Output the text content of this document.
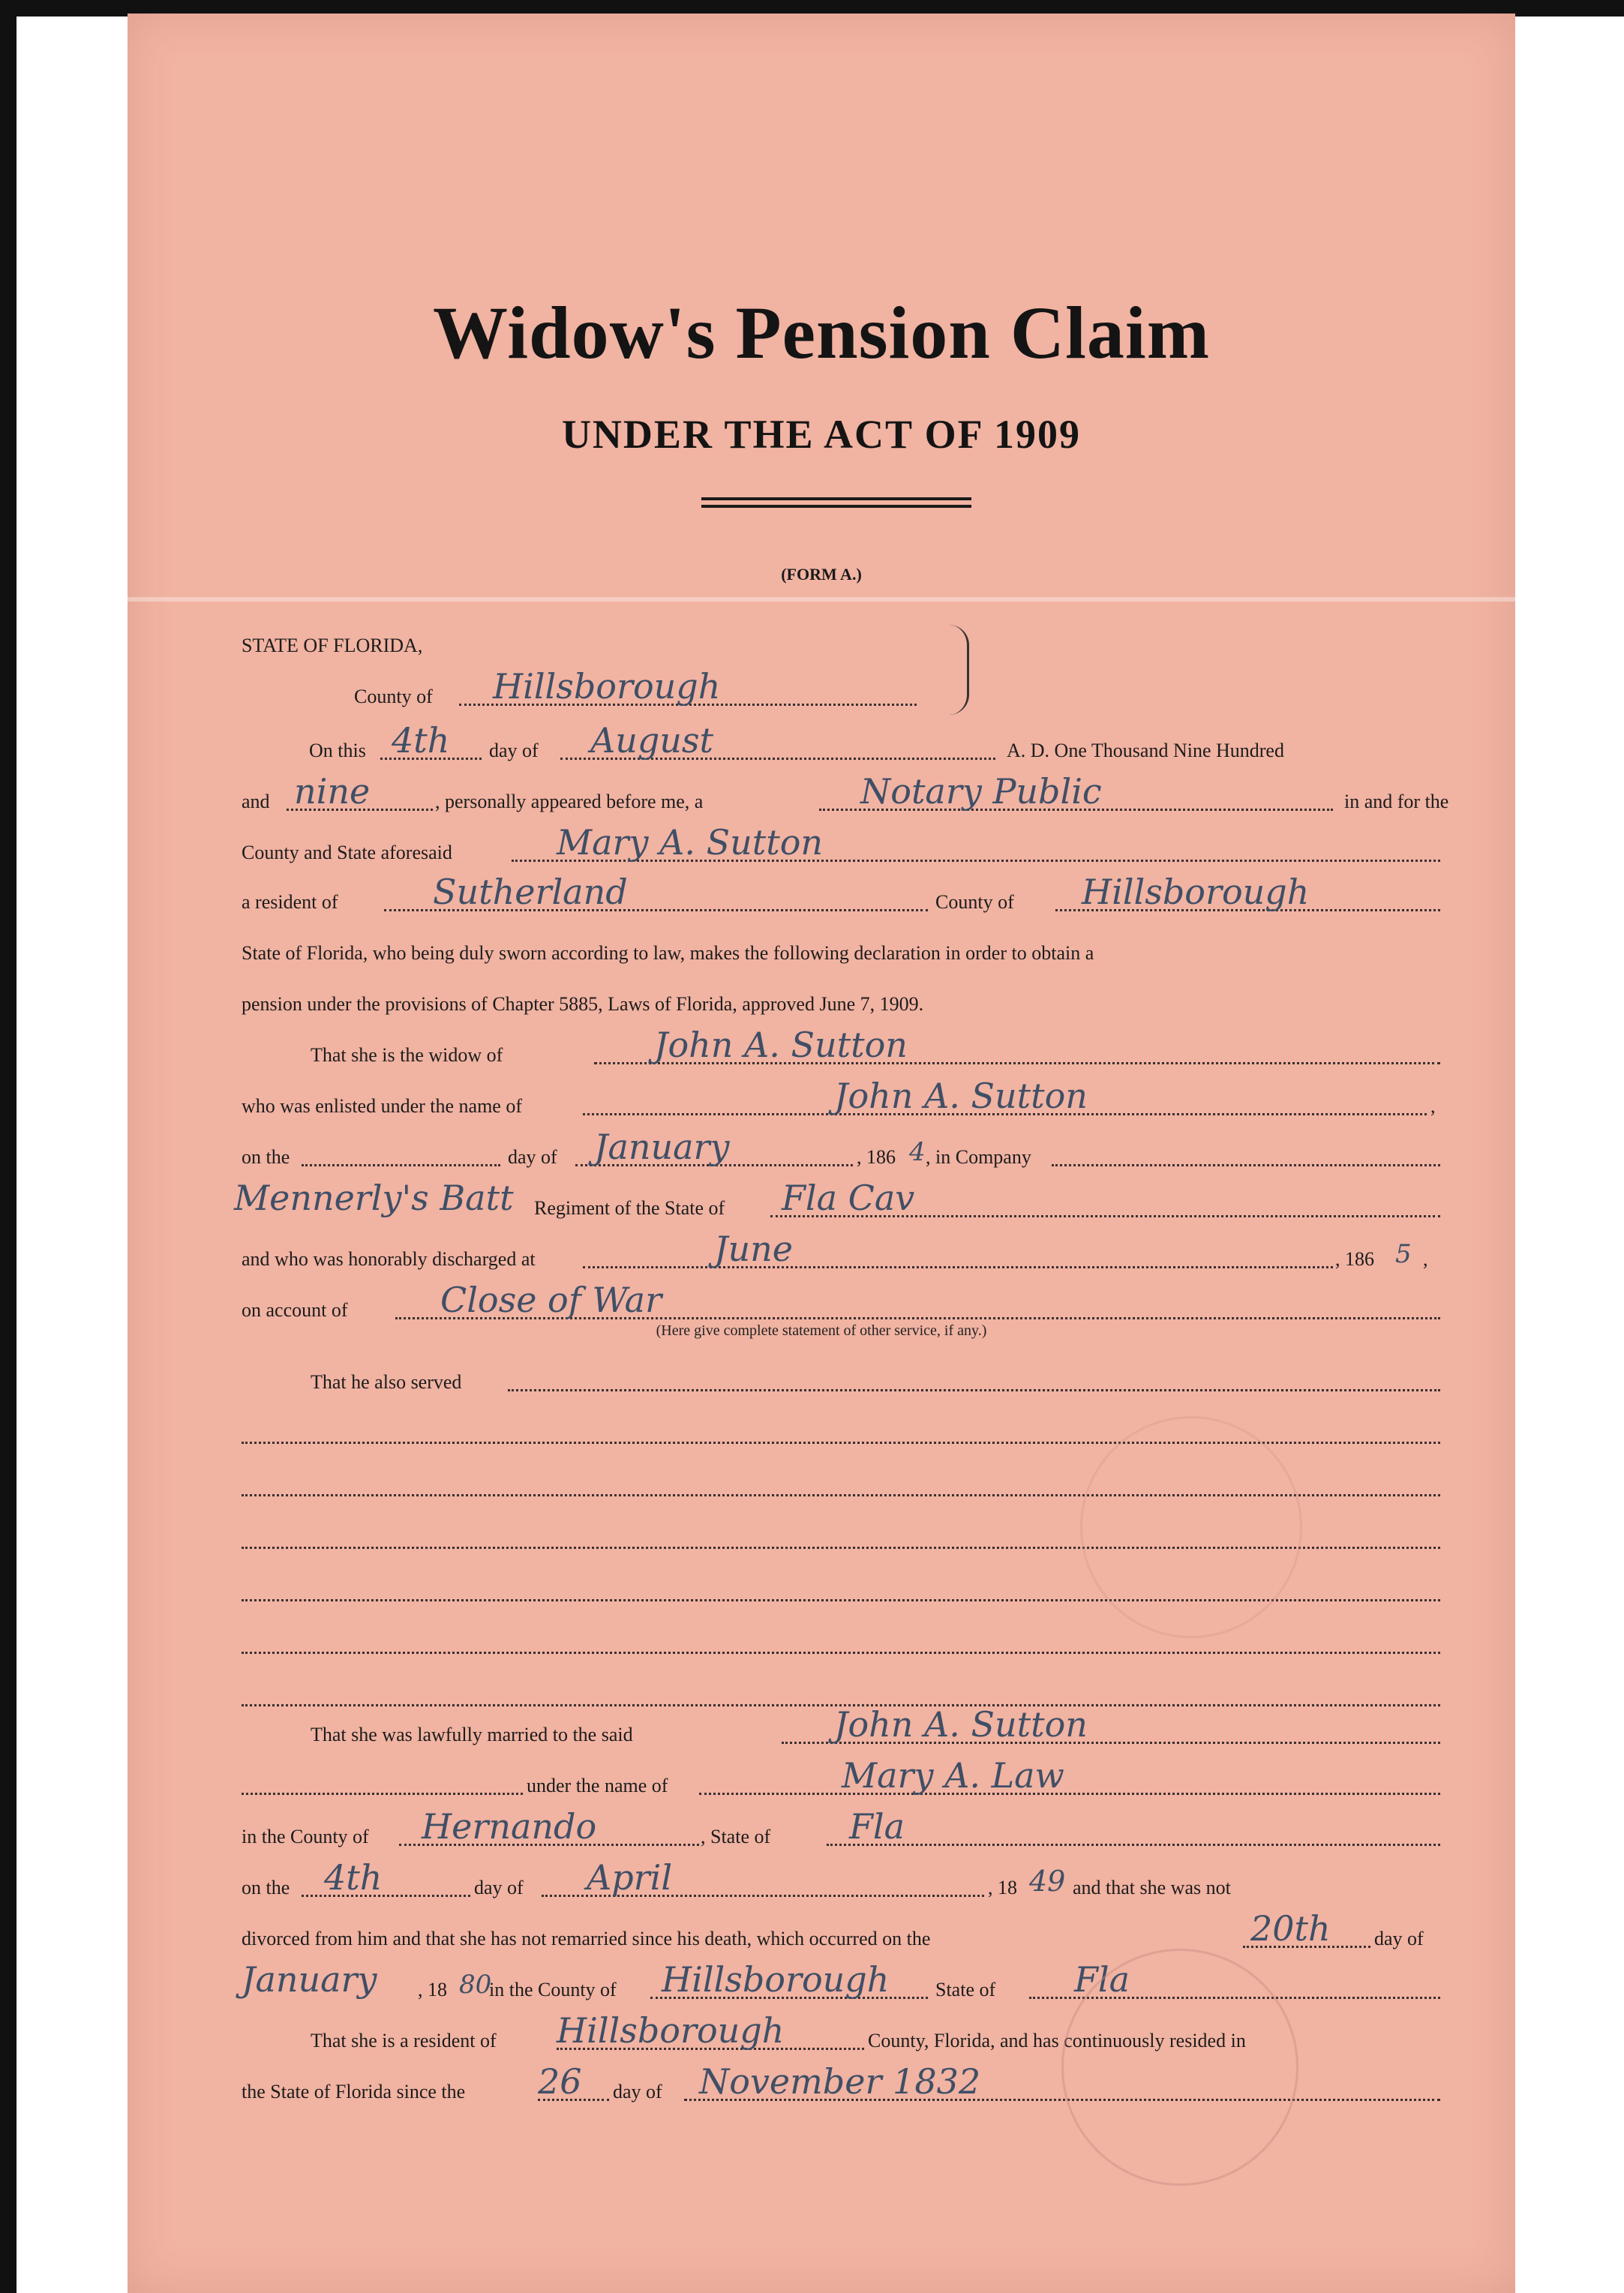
Widow's Pension Claim
UNDER THE ACT OF 1909
(FORM A.)
STATE OF FLORIDA,
County of Hillsborough
On this 4th day of August	A. D. One Thousand Nine Hundred
and nine	, personally appeared before me, a	Notary Public	in and for the
County and State aforesaid	Mary A. Sutton
a resident of	Sutherland	County of Hillsborough
State of Florida, who being duly sworn according to law, makes the following declaration in order to obtain a
pension under the provisions of Chapter 5885, Laws of Florida, approved June 7, 1909.
That she is the widow of	John A. Sutton
who was enlisted under the name of	John A. Sutton	,
on the	day of January	, 186 4 , in Company
Mennerly's Batt Regiment of the State of Fla Cav
and who was honorably discharged at	June	, 186 5 ,
on account of	Close of War
(Here give complete statement of other service, if any.)
That he also served
That she was lawfully married to the said	John A. Sutton
under the name of	Mary A. Law
in the County of Hernando	, State of Fla
on the 4th	day of April	, 18 49 and that she was not
divorced from him and that she has not remarried since his death, which occurred on the	20th day of
January , 18 80
in the County of Hillsborough State of Fla
That she is a resident of Hillsborough	County, Florida, and has continuously resided in
the State of Florida since the 26 day of November 1832
